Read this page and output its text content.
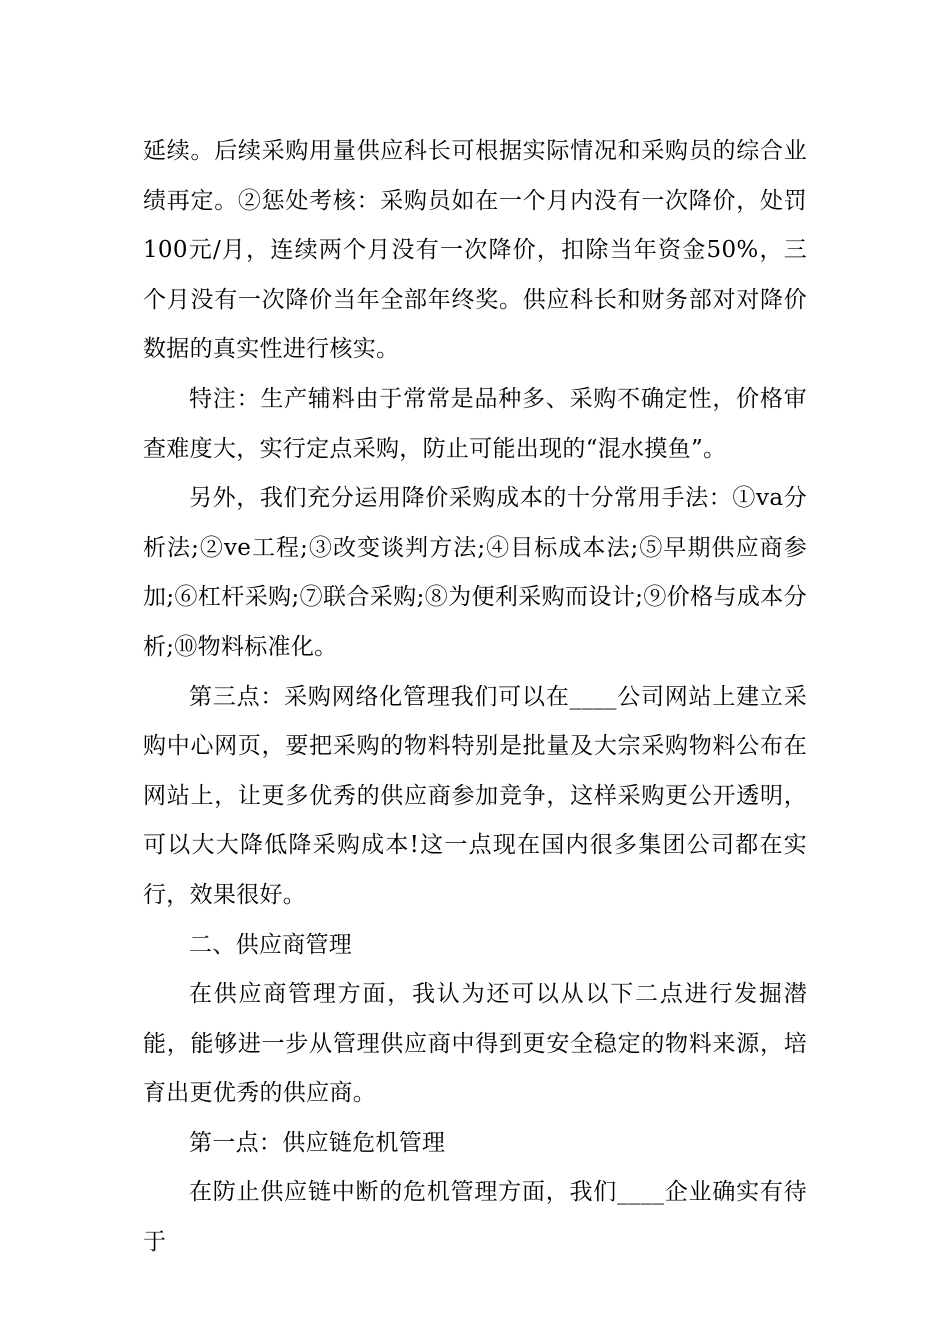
延续。后续采购用量供应科长可根据实际情况和采购员的综合业绩再定。②惩处考核：采购员如在一个月内没有一次降价，处罚100元/月，连续两个月没有一次降价，扣除当年资金50%，三个月没有一次降价当年全部年终奖。供应科长和财务部对对降价数据的真实性进行核实。

特注：生产辅料由于常常是品种多、采购不确定性，价格审查难度大，实行定点采购，防止可能出现的“混水摸鱼”。

另外，我们充分运用降价采购成本的十分常用手法：①va分析法;②ve工程;③改变谈判方法;④目标成本法;⑤早期供应商参加;⑥杠杆采购;⑦联合采购;⑧为便利采购而设计;⑨价格与成本分析;⑩物料标准化。

第三点：采购网络化管理我们可以在____公司网站上建立采购中心网页，要把采购的物料特别是批量及大宗采购物料公布在网站上，让更多优秀的供应商参加竞争，这样采购更公开透明，可以大大降低降采购成本!这一点现在国内很多集团公司都在实行，效果很好。

二、供应商管理

在供应商管理方面，我认为还可以从以下二点进行发掘潜能，能够进一步从管理供应商中得到更安全稳定的物料来源，培育出更优秀的供应商。

第一点：供应链危机管理

在防止供应链中断的危机管理方面，我们____企业确实有待于
